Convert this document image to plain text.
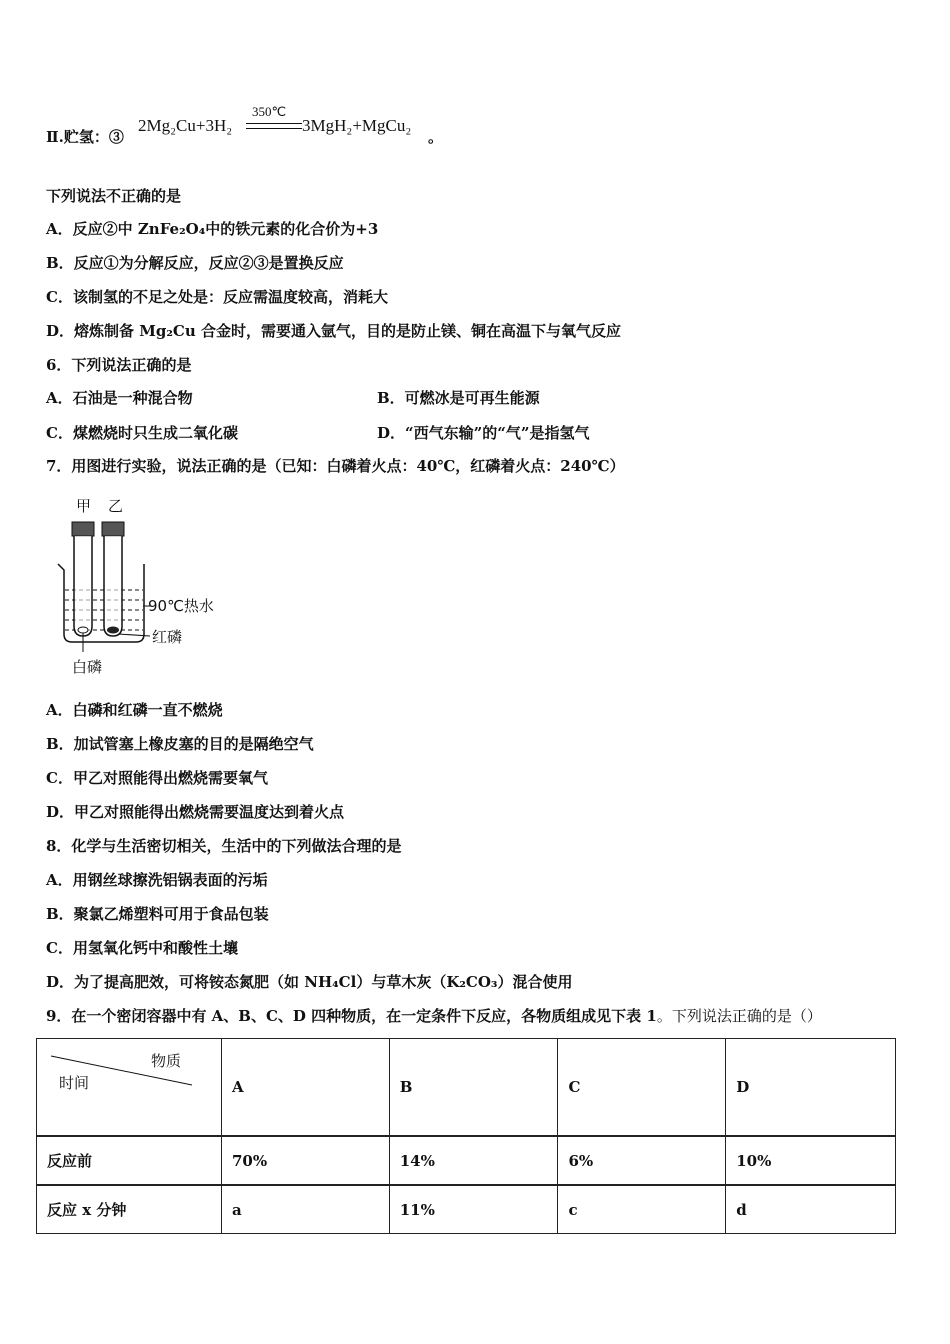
Ⅱ.贮氢：③
2Mg₂Cu+3H₂
350℃
3MgH₂+MgCu₂
。
下列说法不正确的是
A．反应②中 ZnFe₂O₄中的铁元素的化合价为+3
B．反应①为分解反应，反应②③是置换反应
C．该制氢的不足之处是：反应需温度较高，消耗大
D．熔炼制备 Mg₂Cu 合金时，需要通入氩气，目的是防止镁、铜在高温下与氧气反应
6．下列说法正确的是
A．石油是一种混合物	B．可燃冰是可再生能源
C．煤燃烧时只生成二氧化碳	D．“西气东输”的“气”是指氢气
7．用图进行实验，说法正确的是（已知：白磷着火点：40℃，红磷着火点：240℃）
甲 乙
90℃热水
红磷
白磷
A．白磷和红磷一直不燃烧
B．加试管塞上橡皮塞的目的是隔绝空气
C．甲乙对照能得出燃烧需要氧气
D．甲乙对照能得出燃烧需要温度达到着火点
8．化学与生活密切相关，生活中的下列做法合理的是
A．用钢丝球擦洗铝锅表面的污垢
B．聚氯乙烯塑料可用于食品包装
C．用氢氧化钙中和酸性土壤
D．为了提高肥效，可将铵态氮肥（如 NH₄Cl）与草木灰（K₂CO₃）混合使用
9．在一个密闭容器中有 A、B、C、D 四种物质，在一定条件下反应，各物质组成见下表 1。下列说法正确的是（）
物质
时间	A	B	C	D
反应前	70%	14%	6%	10%
反应 x 分钟	a	11%	c	d
